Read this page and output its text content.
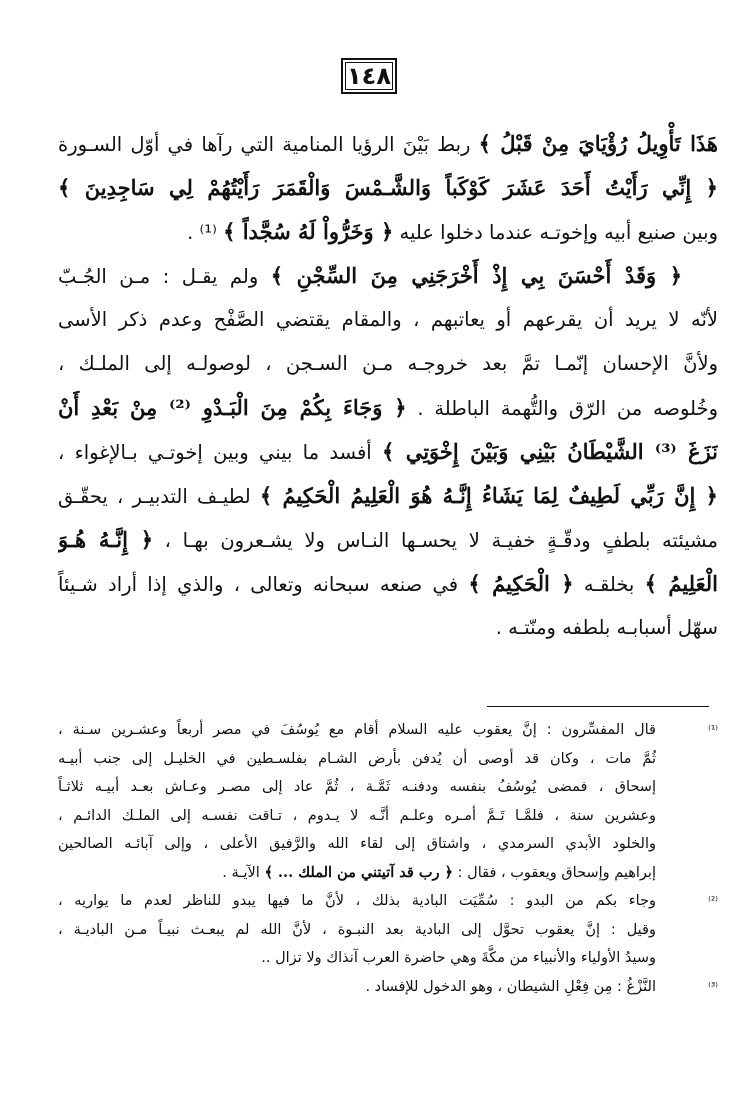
١٤٨
هَذَا تَأْوِيلُ رُؤْيَايَ مِنْ قَبْلُ ﴾ ربط بَيْنَ الرؤيا المنامية التي رآها في أوّل السـورة
﴿ إِنِّي رَأَيْتُ أَحَدَ عَشَرَ كَوْكَباً وَالشَّـمْسَ وَالْقَمَرَ رَأَيْتُهُمْ لِي سَاجِدِينَ ﴾
وبين صنيع أبيه وإخوتـه عندما دخلوا عليه ﴿ وَخَرُّواْ لَهُ سُجَّداً ﴾ ⁽¹⁾ .
﴿ وَقَدْ أَحْسَنَ بِي إِذْ أَخْرَجَنِي مِنَ السِّجْنِ ﴾ ولم يقـل : مـن الجُـبّ
لأنّه لا يريد أن يقرعهم أو يعاتبهم ، والمقام يقتضي الصَّفْح وعدم ذكر الأسى
ولأنَّ الإحسان إنّمـا تمَّ بعد خروجـه مـن السـجن ، لوصولـه إلى الملـك ،
وخُلوصه من الرّق والتُّهمة الباطلة . ﴿ وَجَاءَ بِكُمْ مِنَ الْبَـدْوِ ⁽²⁾ مِنْ بَعْدِ أَنْ
نَزَغَ ⁽³⁾ الشَّيْطَانُ بَيْنِي وَبَيْنَ إِخْوَتِي ﴾ أفسد ما بيني وبين إخوتـي بـالإغواء ،
﴿ إِنَّ رَبِّي لَطِيفٌ لِمَا يَشَاءُ إِنَّـهُ هُوَ الْعَلِيمُ الْحَكِيمُ ﴾ لطيـف التدبيـر ، يحقّـق
مشيئته بلطفٍ ودقّـةٍ خفيـة لا يحسـها النـاس ولا يشـعرون بهـا ، ﴿ إِنَّـهُ هُـوَ
الْعَلِيمُ ﴾ بخلقـه ﴿ الْحَكِيمُ ﴾ في صنعه سبحانه وتعالى ، والذي إذا أراد شـيئاً
سهّل أسبابـه بلطفه ومنّتـه .
⁽¹⁾
قال المفسِّرون : إنَّ يعقوب عليه السلام أقام مع يُوسُفَ في مصر أربعاً وعشـرين سـنة ،
ثُمَّ مات ، وكان قد أوصى أن يُدفن بأرض الشـام بفلسـطين في الخليـل إلى جنب أبيـه
إسحاق ، فمضى يُوسُفُ بنفسه ودفنـه ثَمَّـة ، ثُمَّ عاد إلى مصـر وعـاش بعـد أبيـه ثلاثـاً
وعشرين سنة ، فلمَّـا تَـمَّ أمـره وعلـم أنَّـه لا يـدوم ، تـاقت نفسـه إلى الملـك الدائـم ،
والخلود الأبدي السرمدي ، واشتاق إلى لقاء الله والرَّفيق الأعلى ، وإلى آبائـه الصالحين
إبراهيم وإسحاق ويعقوب ، فقال : ﴿ رب قد آتيتني من الملك ... ﴾ الآيـة .
⁽²⁾
وجاء بكم من البدو : سُمِّيَت البادية بذلك ، لأنَّ ما فيها يبدو للناظر لعدم ما يواريه ،
وقيل : إنَّ يعقوب تحوَّل إلى البادية بعد النبـوة ، لأنَّ الله لم يبعـث نبيـاً مـن الباديـة ،
وسيدُ الأولياء والأنبياء من مكَّةَ وهي حاضرة العرب آنذاك ولا تزال ..
⁽³⁾
النَّزْغُ : مِن فِعْلِ الشيطان ، وهو الدخول للإفساد .
